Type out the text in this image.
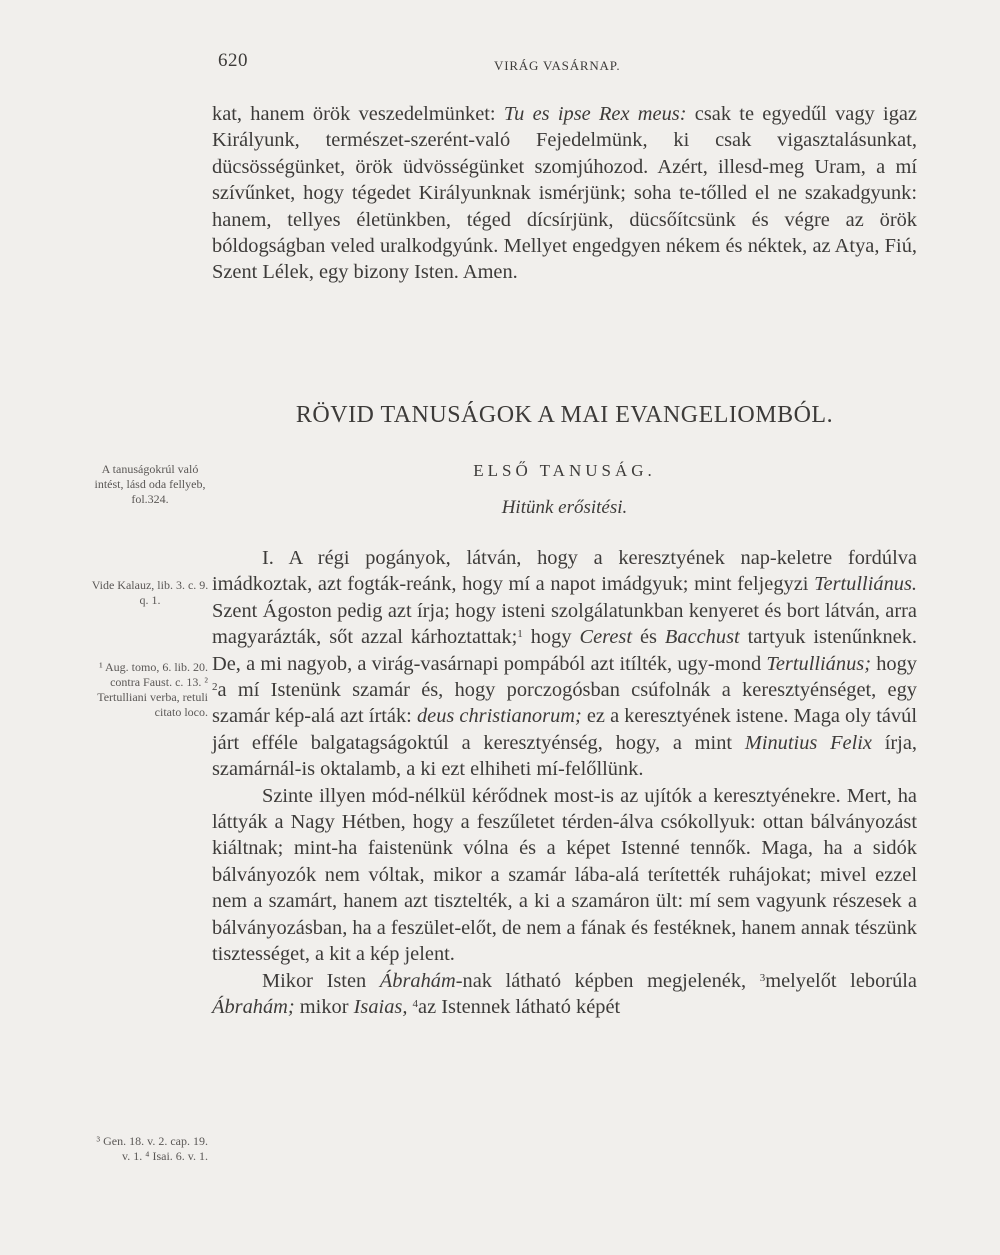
620	VIRÁG VASÁRNAP.

kat, hanem örök veszedelmünket: Tu es ipse Rex meus: csak te egyedűl vagy igaz Királyunk, természet-szerént-való Fejedelmünk, ki csak vigasztalásunkat, dücsösségünket, örök üdvösségünket szomjúhozod. Azért, illesd-meg Uram, a mí szívűnket, hogy tégedet Királyunknak ismérjünk; soha te-tőlled el ne szakadgyunk: hanem, tellyes életünkben, téged dícsírjünk, dücsőítcsünk és végre az örök bóldogságban veled uralkodgyúnk. Mellyet engedgyen nékem és néktek, az Atya, Fiú, Szent Lélek, egy bizony Isten. Amen.

RÖVID TANUSÁGOK A MAI EVANGELIOMBÓL.
ELSŐ TANUSÁG.
Hitünk erősitési.

I. A régi pogányok, látván, hogy a keresztyének nap-keletre fordúlva imádkoztak, azt fogták-reánk, hogy mí a napot imádgyuk; mint feljegyzi Tertulliánus. Szent Ágoston pedig azt írja; hogy isteni szolgálatunkban kenyeret és bort látván, arra magyarázták, sőt azzal kárhoztattak;$^1$ hogy Cerest és Bacchust tartyuk istenűnknek. De, a mi nagyob, a virág-vasárnapi pompából azt itílték, ugy-mond Tertulliánus; hogy $^2$a mí Istenünk szamár és, hogy porczogósban csúfolnák a keresztyénséget, egy szamár kép-alá azt írták: deus christianorum; ez a keresztyének istene. Maga oly távúl járt efféle balgatagságoktúl a keresztyénség, hogy, a mint Minutius Felix írja, szamárnál-is oktalamb, a ki ezt elhiheti mí-felőllünk.

Szinte illyen mód-nélkül kérődnek most-is az ujítók a keresztyénekre. Mert, ha láttyák a Nagy Hétben, hogy a feszűletet térden-álva csókollyuk: ottan bálványozást kiáltnak; mint-ha faistenünk vólna és a képet Istenné tennők. Maga, ha a sidók bálványozók nem vóltak, mikor a szamár lába-alá terítették ruhájokat; mivel ezzel nem a szamárt, hanem azt tisztelték, a ki a szamáron ült: mí sem vagyunk részesek a bálványozásban, ha a feszület-előt, de nem a fának és festéknek, hanem annak tészünk tisztességet, a kit a kép jelent.

Mikor Isten Ábrahám-nak látható képben megjelenék, $^3$melyelőt leborúla Ábrahám; mikor Isaias, $^4$az Istennek látható képét

A tanuságokrúl való intést, lásd oda fellyeb, fol.324.
Vide Kalauz, lib. 3. c. 9. q. 1.
¹ Aug. tomo, 6. lib. 20. contra Faust. c. 13. ² Tertulliani verba, retuli citato loco.
³ Gen. 18. v. 2. cap. 19. v. 1. ⁴ Isai. 6. v. 1.
